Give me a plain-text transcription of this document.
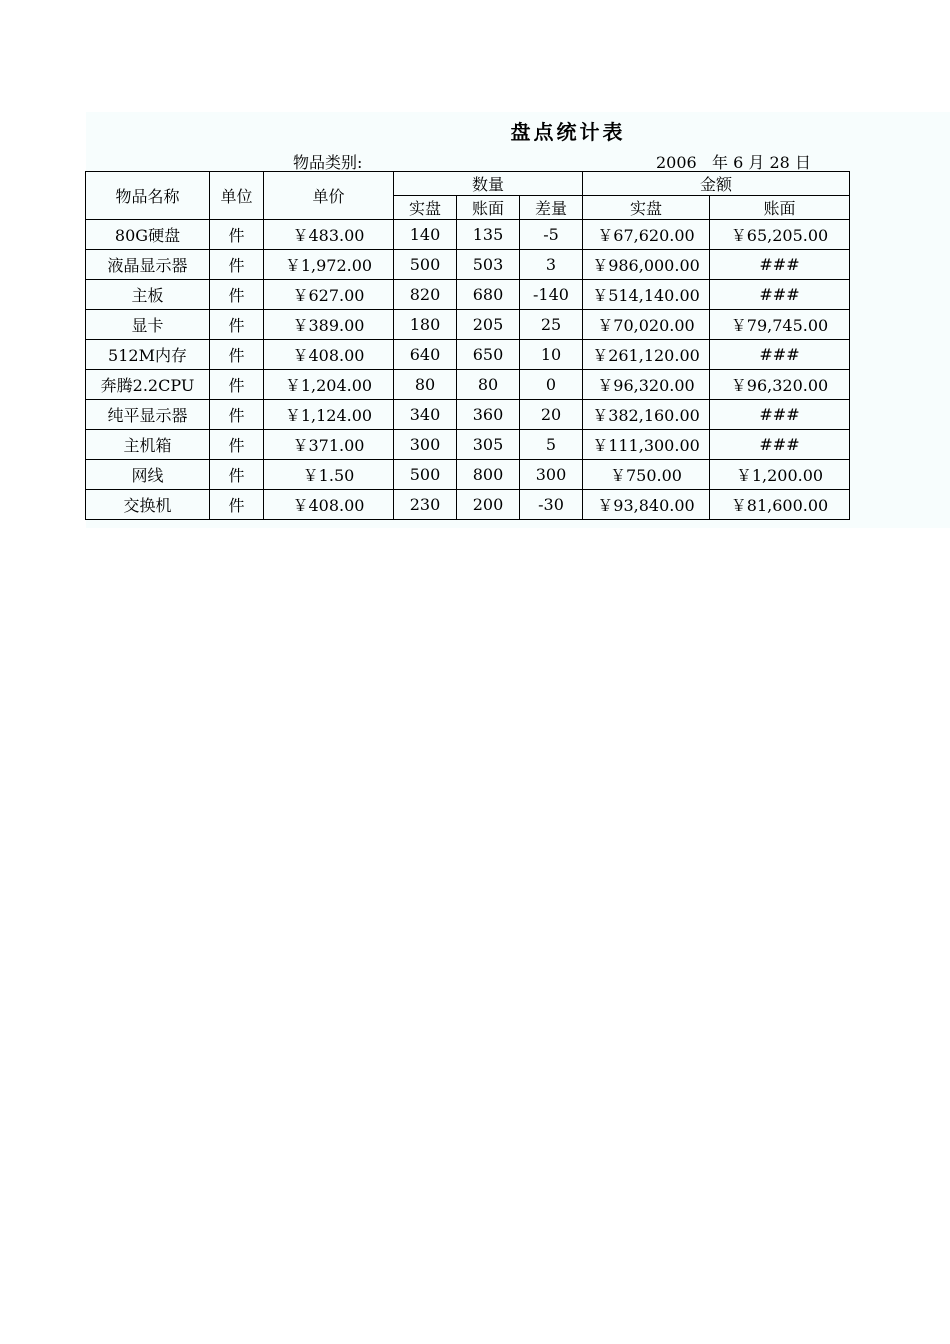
盘点统计表
物品类别:	2006 年 6 月 28 日
物品名称	单位	单价	数量			金额	
			实盘	账面	差量	实盘	账面
80G硬盘	件	￥483.00	140	135	-5	￥67,620.00	￥65,205.00
液晶显示器	件	￥1,972.00	500	503	3	￥986,000.00	###
主板	件	￥627.00	820	680	-140	￥514,140.00	###
显卡	件	￥389.00	180	205	25	￥70,020.00	￥79,745.00
512M内存	件	￥408.00	640	650	10	￥261,120.00	###
奔腾2.2CPU	件	￥1,204.00	80	80	0	￥96,320.00	￥96,320.00
纯平显示器	件	￥1,124.00	340	360	20	￥382,160.00	###
主机箱	件	￥371.00	300	305	5	￥111,300.00	###
网线	件	￥1.50	500	800	300	￥750.00	￥1,200.00
交换机	件	￥408.00	230	200	-30	￥93,840.00	￥81,600.00
